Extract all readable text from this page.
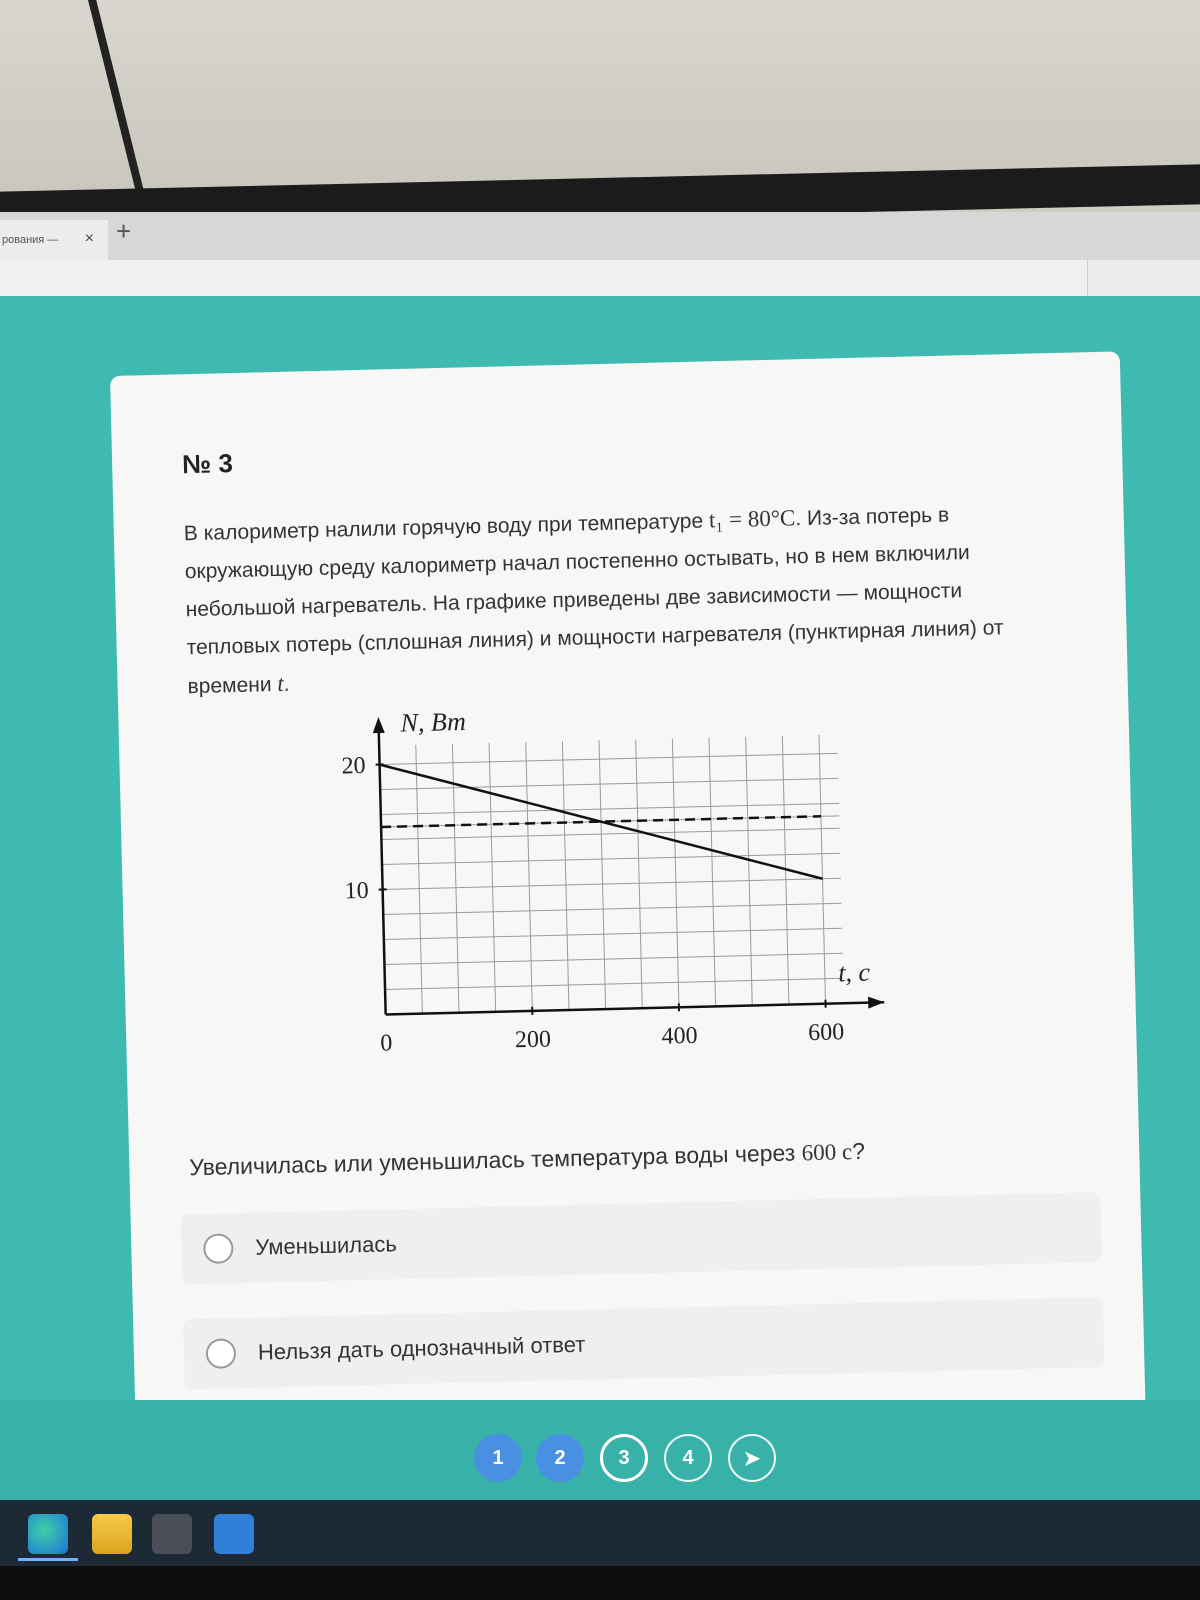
рования — × +
№ 3
В калориметр налили горячую воду при температуре t₁ = 80°C. Из-за потерь в окружающую среду калориметр начал постепенно остывать, но в нем включили небольшой нагреватель. На графике приведены две зависимости — мощности тепловых потерь (сплошная линия) и мощности нагревателя (пунктирная линия) от времени t.
0	200	400	600
10
20
N, Вт
t, с
Увеличилась или уменьшилась температура воды через 600 с?
Уменьшилась
Нельзя дать однозначный ответ
1	2	3	4	➤
